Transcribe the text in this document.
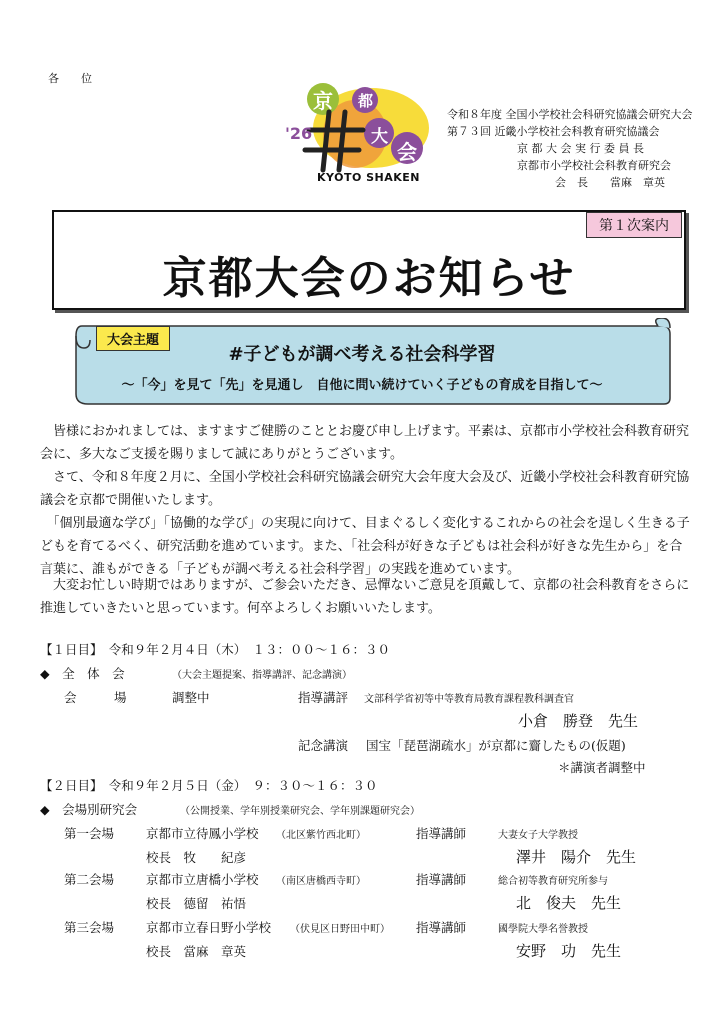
各　　位
京 都
大
会
'26
KYOTO SHAKEN
令和８年度 全国小学校社会科研究協議会研究大会
第７３回 近畿小学校社会科教育研究協議会
京 都 大 会 実 行 委 員 長
京都市小学校社会科教育研究会
会　長　　當麻　章英
第１次案内
京都大会のお知らせ
大会主題
#子どもが調べ考える社会科学習
～「今」を見て「先」を見通し　自他に問い続けていく子どもの育成を目指して～
　皆様におかれましては、ますますご健勝のこととお慶び申し上げます。平素は、京都市小学校社会科教育研究会に、多大なご支援を賜りまして誠にありがとうございます。
　さて、令和８年度２月に、全国小学校社会科研究協議会研究大会年度大会及び、近畿小学校社会科教育研究協議会を京都で開催いたします。
　「個別最適な学び」「協働的な学び」の実現に向けて、目まぐるしく変化するこれからの社会を逞しく生きる子どもを育てるべく、研究活動を進めています。また、「社会科が好きな子どもは社会科が好きな先生から」を合言葉に、誰もができる「子どもが調べ考える社会科学習」の実践を進めています。
　大変お忙しい時期ではありますが、ご参会いただき、忌憚ないご意見を頂戴して、京都の社会科教育をさらに推進していきたいと思っています。何卒よろしくお願いいたします。
【１日目】　令和９年２月４日（木）　１３：００～１６：３０
◆　全　体　会	（大会主題提案、指導講評、記念講演）
会　　　場	調整中	指導講評 文部科学省初等中等教育局教育課程教科調査官
小倉　勝登　先生
記念講演 国宝「琵琶湖疏水」が京都に齎したもの(仮題)
＊講演者調整中
【２日目】　令和９年２月５日（金）　９：３０～１６：３０
◆　会場別研究会	（公開授業、学年別授業研究会、学年別課題研究会）
第一会場	京都市立待鳳小学校 （北区紫竹西北町）	指導講師	大妻女子大学教授
校長　牧　　紀彦	澤井　陽介　先生
第二会場	京都市立唐橋小学校 （南区唐橋西寺町）	指導講師	総合初等教育研究所参与
校長　德留　祐悟	北　俊夫　先生
第三会場	京都市立春日野小学校 （伏見区日野田中町） 指導講師	國學院大學名誉教授
校長　當麻　章英	安野　功　先生
